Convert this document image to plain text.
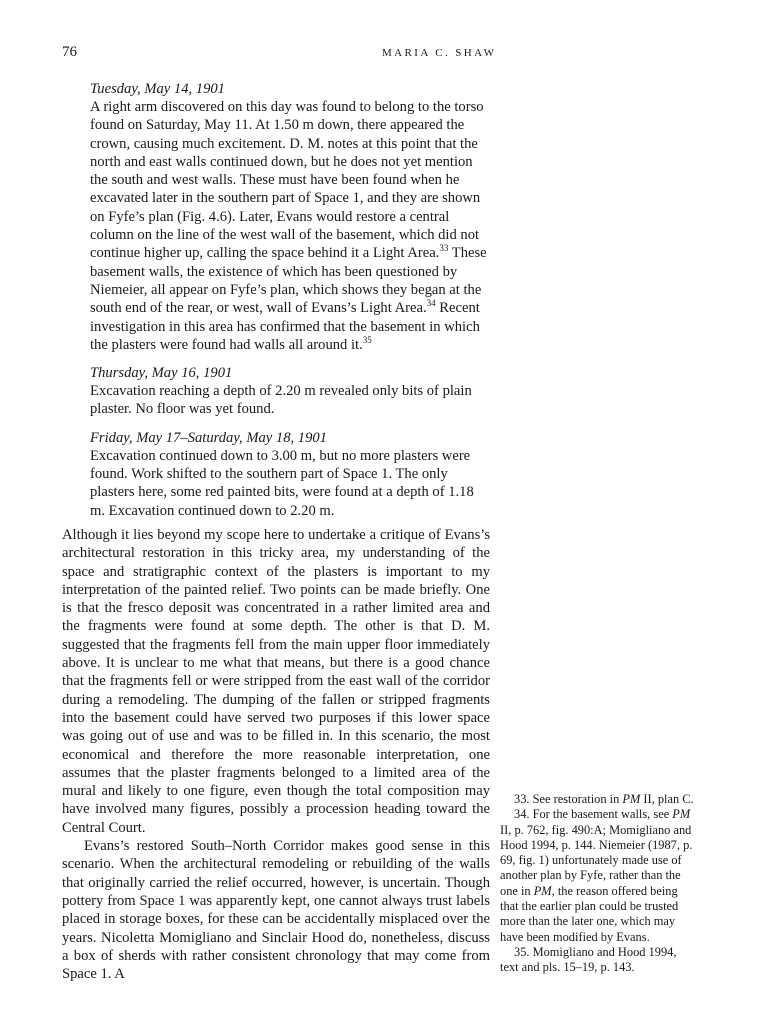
76	MARIA C. SHAW
Tuesday, May 14, 1901

A right arm discovered on this day was found to belong to the torso found on Saturday, May 11. At 1.50 m down, there appeared the crown, causing much excitement. D. M. notes at this point that the north and east walls continued down, but he does not yet mention the south and west walls. These must have been found when he excavated later in the southern part of Space 1, and they are shown on Fyfe’s plan (Fig. 4.6). Later, Evans would restore a central column on the line of the west wall of the basement, which did not continue higher up, calling the space behind it a Light Area.$^{33}$ These basement walls, the existence of which has been questioned by Niemeier, all appear on Fyfe’s plan, which shows they began at the south end of the rear, or west, wall of Evans’s Light Area.$^{34}$ Recent investigation in this area has confirmed that the basement in which the plasters were found had walls all around it.$^{35}$

Thursday, May 16, 1901

Excavation reaching a depth of 2.20 m revealed only bits of plain plaster. No floor was yet found.

Friday, May 17–Saturday, May 18, 1901

Excavation continued down to 3.00 m, but no more plasters were found. Work shifted to the southern part of Space 1. The only plasters here, some red painted bits, were found at a depth of 1.18 m. Excavation continued down to 2.20 m.

Although it lies beyond my scope here to undertake a critique of Evans’s architectural restoration in this tricky area, my understanding of the space and stratigraphic context of the plasters is important to my interpretation of the painted relief. Two points can be made briefly. One is that the fresco deposit was concentrated in a rather limited area and the fragments were found at some depth. The other is that D. M. suggested that the fragments fell from the main upper floor immediately above. It is unclear to me what that means, but there is a good chance that the fragments fell or were stripped from the east wall of the corridor during a remodeling. The dumping of the fallen or stripped fragments into the basement could have served two purposes if this lower space was going out of use and was to be filled in. In this scenario, the most economical and therefore the more reasonable interpretation, one assumes that the plaster fragments belonged to a limited area of the mural and likely to one figure, even though the total composition may have involved many figures, possibly a procession heading toward the Central Court.

Evans’s restored South–North Corridor makes good sense in this scenario. When the architectural remodeling or rebuilding of the walls that originally carried the relief occurred, however, is uncertain. Though pottery from Space 1 was apparently kept, one cannot always trust labels placed in storage boxes, for these can be accidentally misplaced over the years. Nicoletta Momigliano and Sinclair Hood do, nonetheless, discuss a box of sherds with rather consistent chronology that may come from Space 1. A

33. See restoration in PM II, plan C.

34. For the basement walls, see PM II, p. 762, fig. 490:A; Momigliano and Hood 1994, p. 144. Niemeier (1987, p. 69, fig. 1) unfortunately made use of another plan by Fyfe, rather than the one in PM, the reason offered being that the earlier plan could be trusted more than the later one, which may have been modified by Evans.

35. Momigliano and Hood 1994, text and pls. 15–19, p. 143.
